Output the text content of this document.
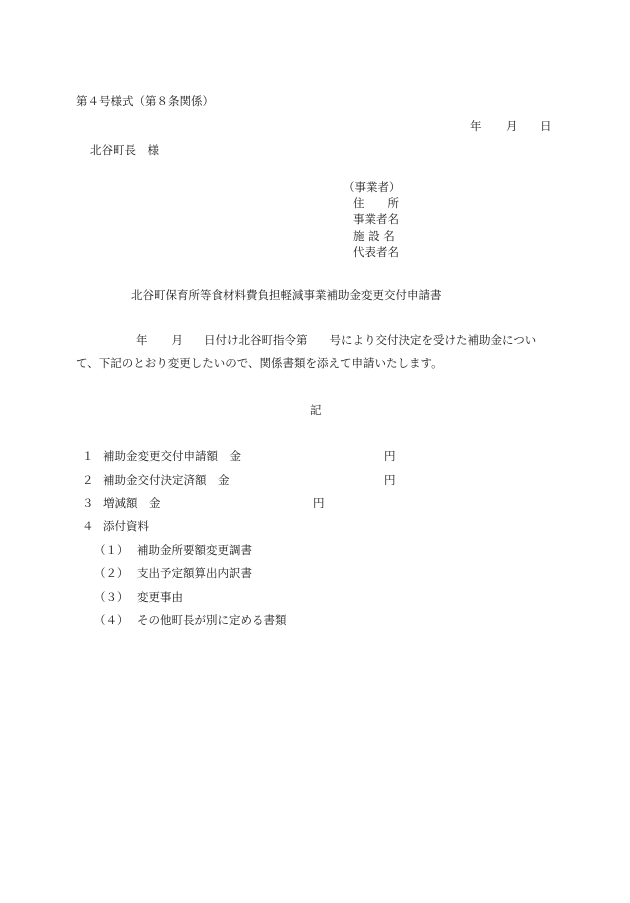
第４号様式（第８条関係）
年 月 日
北谷町長　様
（事業者）
住　　所
事業者名
施 設 名
代表者名
北谷町保育所等食材料費負担軽減事業補助金変更交付申請書
年 月 日付け北谷町指令第 号により交付決定を受けた補助金につい
て、下記のとおり変更したいので、関係書類を添えて申請いたします。
記
１ 補助金変更交付申請額　金	円
２ 補助金交付決定済額　金	円
３ 増減額　金	円
４ 添付資料
（１） 補助金所要額変更調書
（２） 支出予定額算出内訳書
（３） 変更事由
（４） その他町長が別に定める書類
